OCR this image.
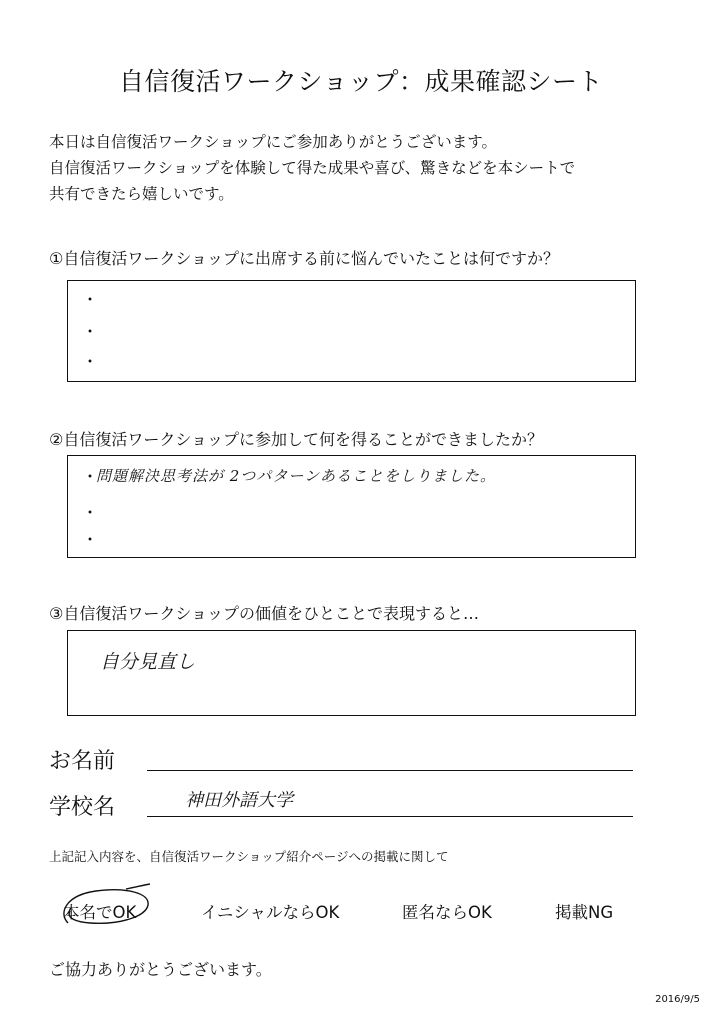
自信復活ワークショップ：成果確認シート
本日は自信復活ワークショップにご参加ありがとうございます。
自信復活ワークショップを体験して得た成果や喜び、驚きなどを本シートで
共有できたら嬉しいです。
①自信復活ワークショップに出席する前に悩んでいたことは何ですか？
・
・
・
②自信復活ワークショップに参加して何を得ることができましたか？
・
問題解決思考法が 2つパターンあることをしりました。
・
・
③自信復活ワークショップの価値をひとことで表現すると…
自分見直し
お名前
学校名	神田外語大学
上記記入内容を、自信復活ワークショップ紹介ページへの掲載に関して
本名でOK	イニシャルならOK	匿名ならOK	掲載NG
ご協力ありがとうございます。
2016/9/5
